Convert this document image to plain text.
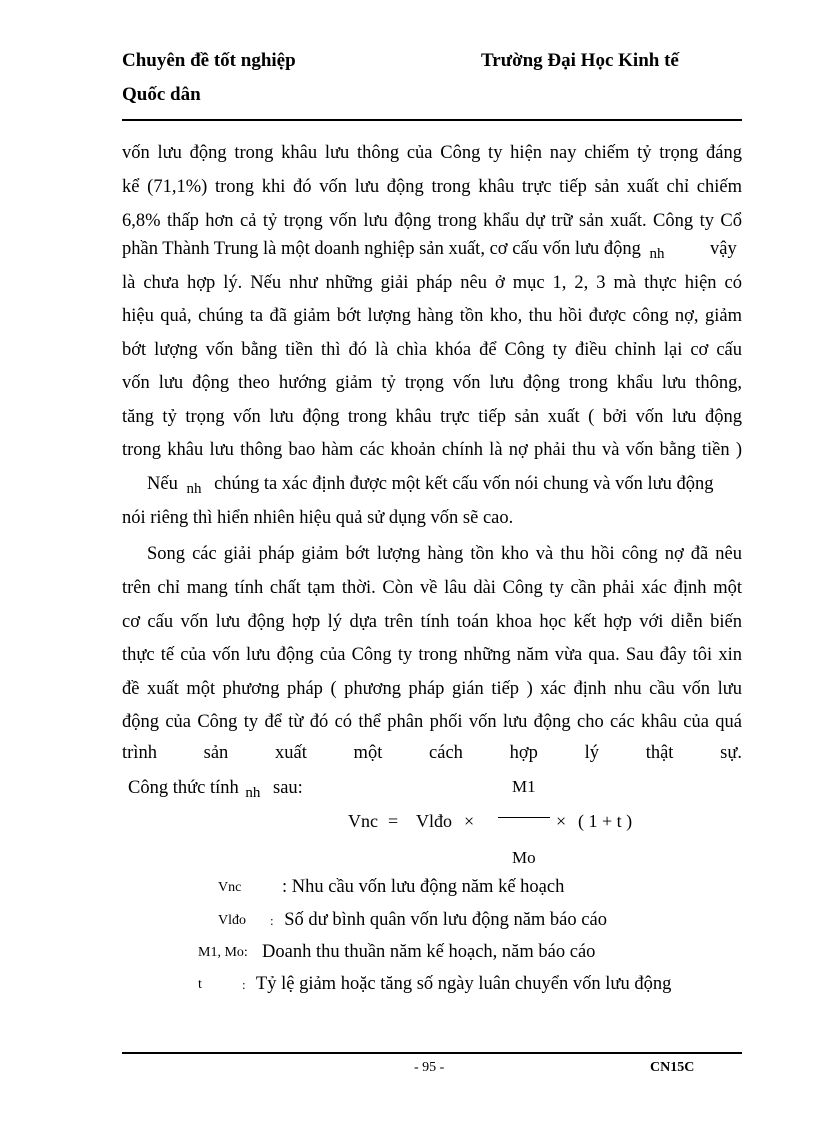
Chuyên đề tốt nghiệp	Trường Đại Học Kinh tế
Quốc dân
vốn lưu động trong khâu lưu thông của Công ty hiện nay chiếm tỷ trọng đáng
kể (71,1%) trong khi đó vốn lưu động trong khâu trực tiếp sản xuất chỉ chiếm
6,8% thấp hơn cả tỷ trọng vốn lưu động trong khẩu dự trữ sản xuất. Công ty Cổ
phần Thành Trung là một doanh nghiệp sản xuất, cơ cấu vốn lưu động $_{nh}$ vậy
là chưa hợp lý. Nếu như những giải pháp nêu ở mục 1, 2, 3 mà thực hiện có
hiệu quả, chúng ta đã giảm bớt lượng hàng tồn kho, thu hồi được công nợ, giảm
bớt lượng vốn bằng tiền thì đó là chìa khóa để Công ty điều chỉnh lại cơ cấu
vốn lưu động theo hướng giảm tỷ trọng vốn lưu động trong khẩu lưu thông,
tăng tỷ trọng vốn lưu động trong khâu trực tiếp sản xuất ( bởi vốn lưu động
trong khâu lưu thông bao hàm các khoản chính là nợ phải thu và vốn bằng tiền )
Nếu $_{nh}$ chúng ta xác định được một kết cấu vốn nói chung và vốn lưu động
nói riêng thì hiển nhiên hiệu quả sử dụng vốn sẽ cao.
Song các giải pháp giảm bớt lượng hàng tồn kho và thu hồi công nợ đã nêu
trên chỉ mang tính chất tạm thời. Còn về lâu dài Công ty cần phải xác định một
cơ cấu vốn lưu động hợp lý dựa trên tính toán khoa học kết hợp với diễn biến
thực tế của vốn lưu động của Công ty trong những năm vừa qua. Sau đây tôi xin
đề xuất một phương pháp ( phương pháp gián tiếp ) xác định nhu cầu vốn lưu
động của Công ty để từ đó có thể phân phối vốn lưu động cho các khâu của quá
trình sản xuất một cách hợp lý thật sự.
Công thức tính $_{nh}$ sau:	M1
Mo
Vnc = Vlđo ×	× ( 1 + t )
Vnc : Nhu cầu vốn lưu động năm kế hoạch
Vlđo : Số dư bình quân vốn lưu động năm báo cáo
M1, Mo: Doanh thu thuần năm kế hoạch, năm báo cáo
t	: Tỷ lệ giảm hoặc tăng số ngày luân chuyển vốn lưu động
- 95 -	CN15C
